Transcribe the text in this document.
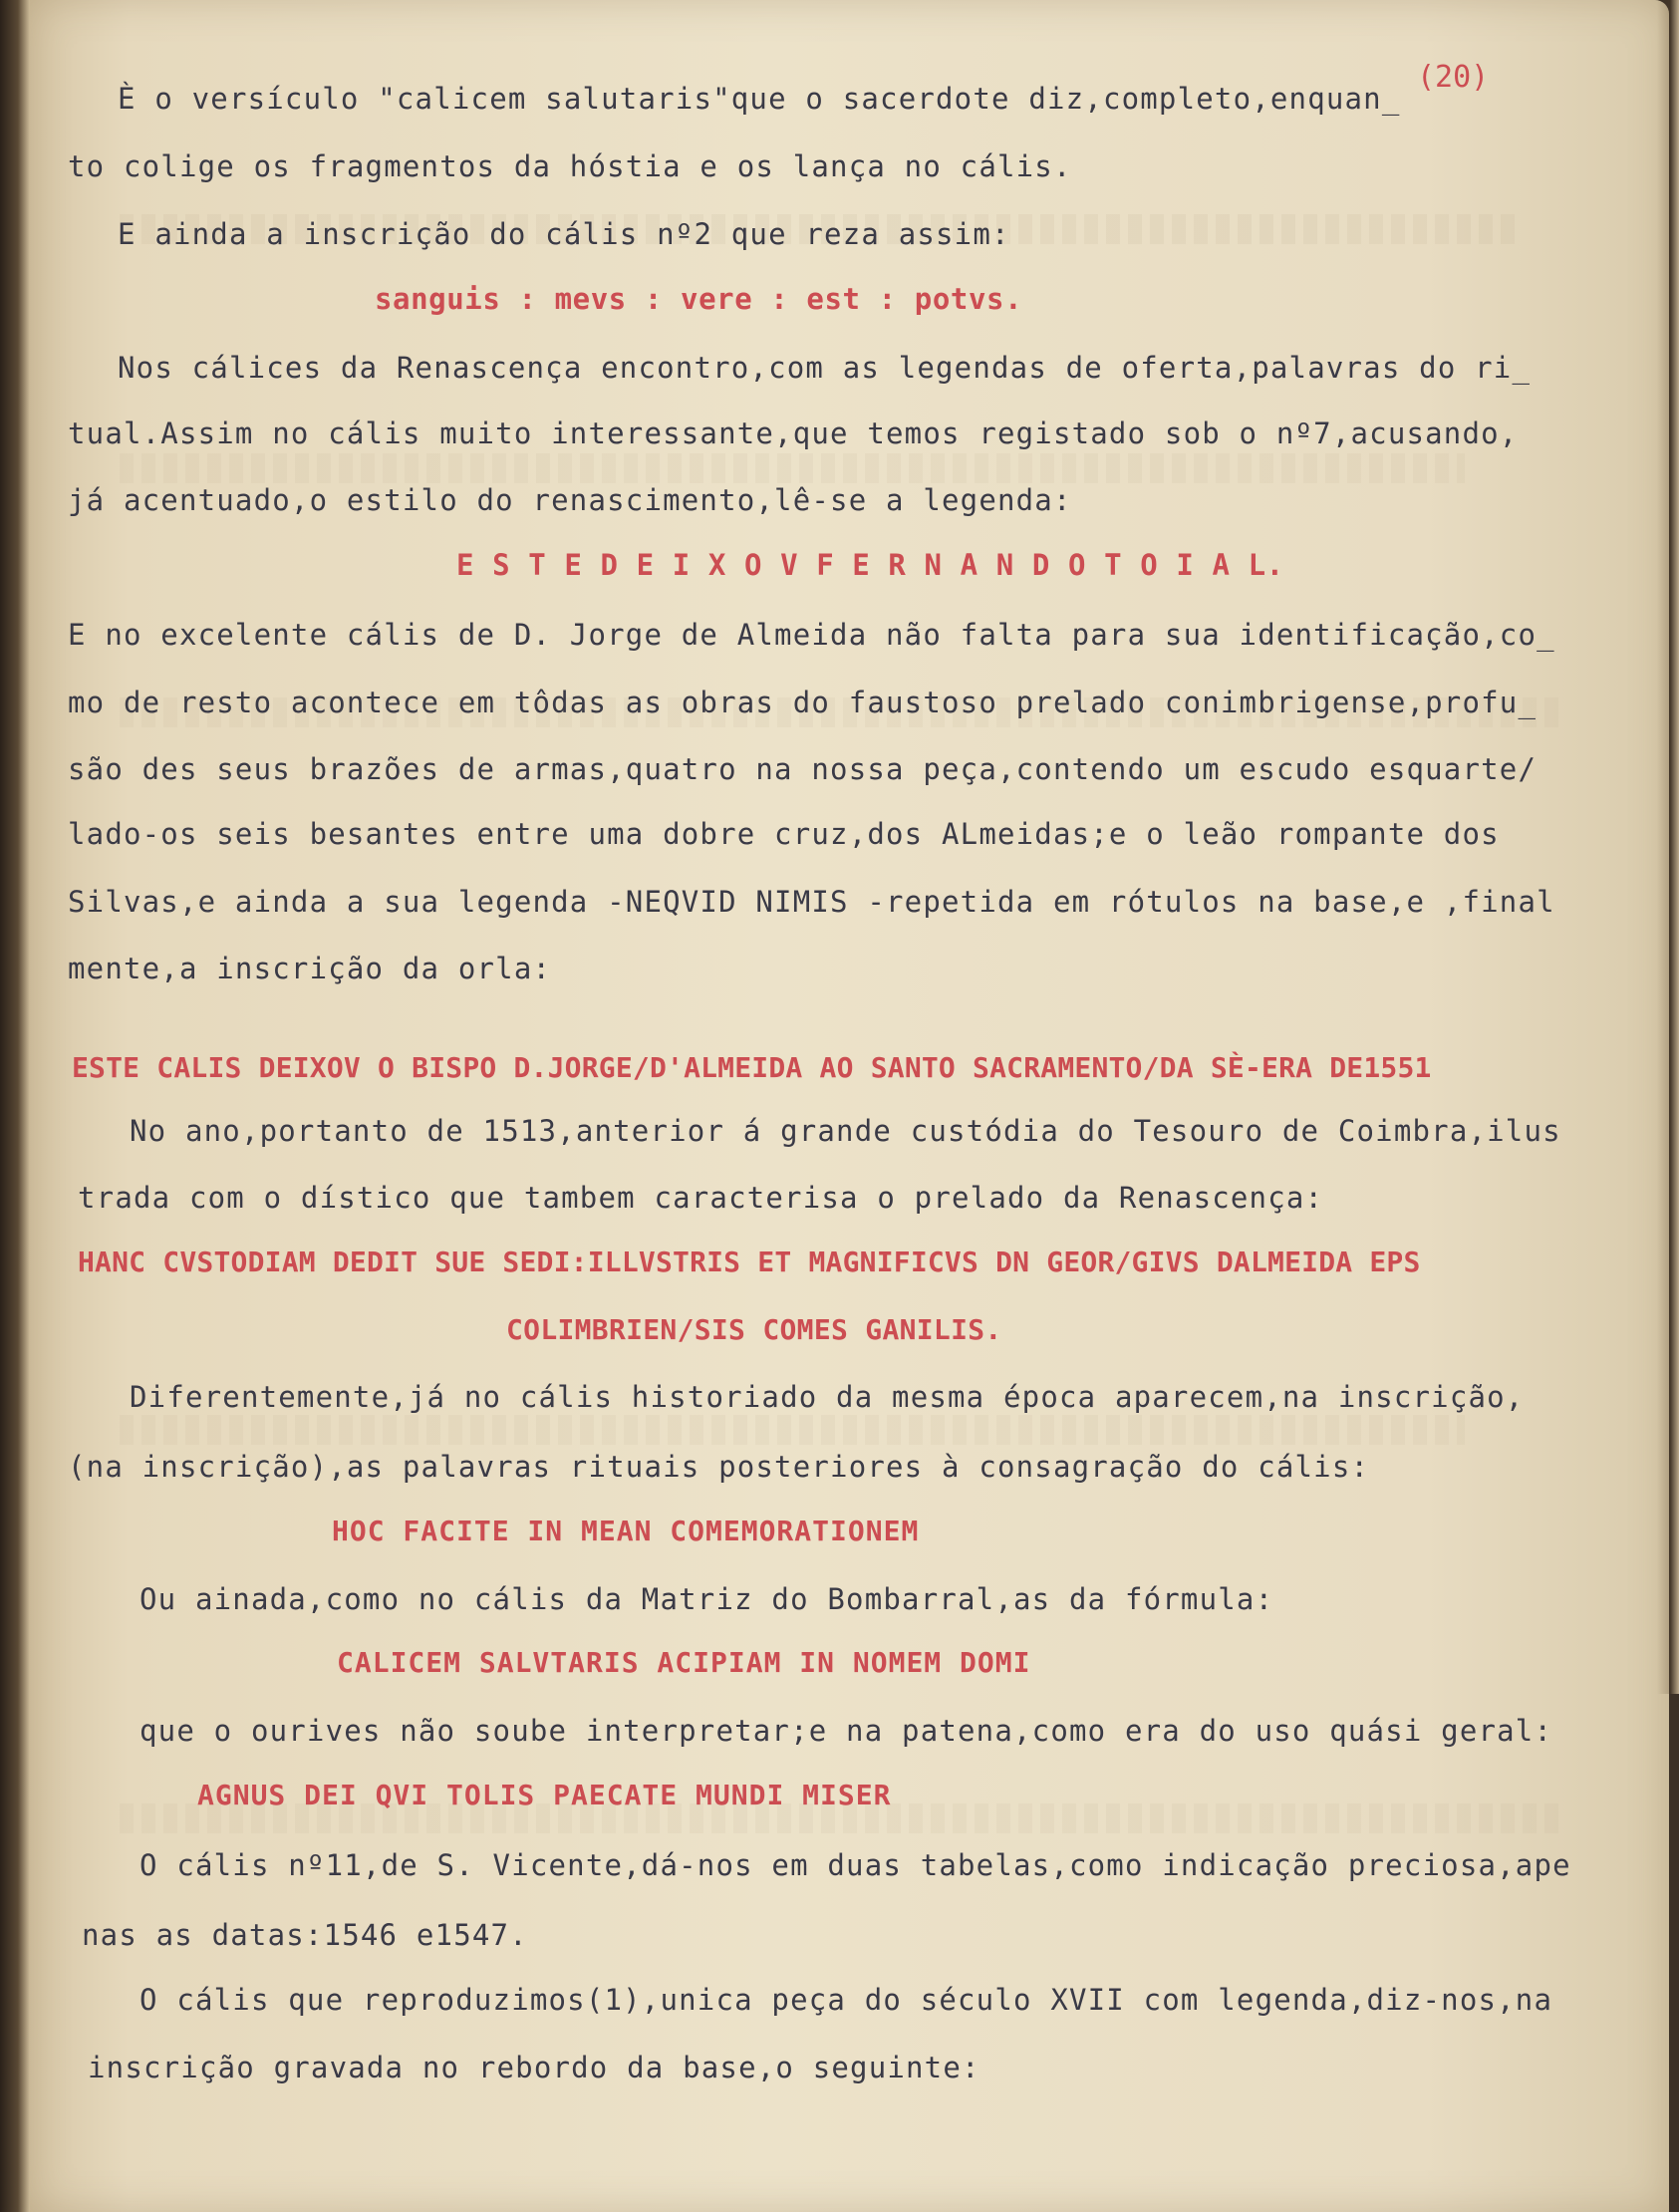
(20)
È o versículo "calicem salutaris"que o sacerdote diz,completo,enquan_
to colige os fragmentos da hóstia e os lança no cális.
E ainda a inscrição do cális nº2 que reza assim:
sanguis : mevs : vere : est : potvs.
Nos cálices da Renascença encontro,com as legendas de oferta,palavras do ri_
tual.Assim no cális muito interessante,que temos registado sob o nº7,acusando,
já acentuado,o estilo do renascimento,lê-se a legenda:
E S T E D E I X O V F E R N A N D O T O I A L.
E no excelente cális de D. Jorge de Almeida não falta para sua identificação,co_
mo de resto acontece em tôdas as obras do faustoso prelado conimbrigense,profu_
são des seus brazões de armas,quatro na nossa peça,contendo um escudo esquarte/
lado-os seis besantes entre uma dobre cruz,dos ALmeidas;e o leão rompante dos
Silvas,e ainda a sua legenda -NEQVID NIMIS -repetida em rótulos na base,e ,final
mente,a inscrição da orla:
ESTE CALIS DEIXOV O BISPO D.JORGE/D'ALMEIDA AO SANTO SACRAMENTO/DA SÈ-ERA DE1551
No ano,portanto de 1513,anterior á grande custódia do Tesouro de Coimbra,ilus
trada com o dístico que tambem caracterisa o prelado da Renascença:
HANC CVSTODIAM DEDIT SUE SEDI:ILLVSTRIS ET MAGNIFICVS DN GEOR/GIVS DALMEIDA EPS
COLIMBRIEN/SIS COMES GANILIS.
Diferentemente,já no cális historiado da mesma época aparecem,na inscrição,
(na inscrição),as palavras rituais posteriores à consagração do cális:
HOC FACITE IN MEAN COMEMORATIONEM
Ou ainada,como no cális da Matriz do Bombarral,as da fórmula:
CALICEM SALVTARIS ACIPIAM IN NOMEM DOMI
que o ourives não soube interpretar;e na patena,como era do uso quási geral:
AGNUS DEI QVI TOLIS PAECATE MUNDI MISER
O cális nº11,de S. Vicente,dá-nos em duas tabelas,como indicação preciosa,ape
nas as datas:1546 e1547.
O cális que reproduzimos(1),unica peça do século XVII com legenda,diz-nos,na
inscrição gravada no rebordo da base,o seguinte:
